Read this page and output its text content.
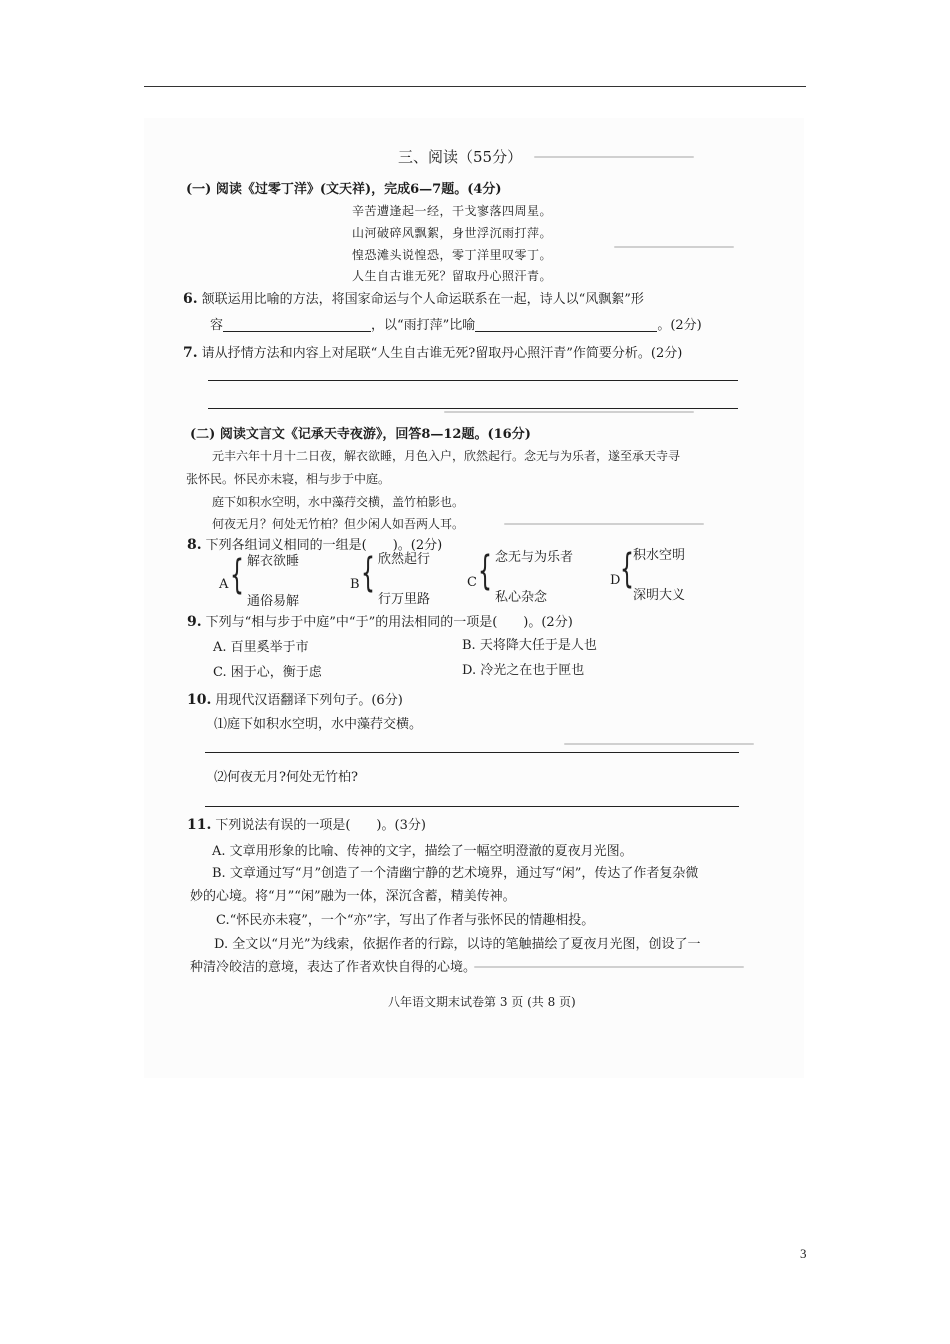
三、阅读（55分）
(一) 阅读《过零丁洋》(文天祥)，完成6—7题。(4分)
辛苦遭逢起一经，干戈寥落四周星。
山河破碎风飘絮，身世浮沉雨打萍。
惶恐滩头说惶恐，零丁洋里叹零丁。
人生自古谁无死？留取丹心照汗青。
6. 颔联运用比喻的方法，将国家命运与个人命运联系在一起，诗人以“风飘絮”形
容	，以“雨打萍”比喻	。(2分)
7. 请从抒情方法和内容上对尾联“人生自古谁无死?留取丹心照汗青”作简要分析。(2分)
(二) 阅读文言文《记承天寺夜游》，回答8—12题。(16分)
元丰六年十月十二日夜，解衣欲睡，月色入户，欣然起行。念无与为乐者，遂至承天寺寻
张怀民。怀民亦未寝，相与步于中庭。
庭下如积水空明，水中藻荇交横，盖竹柏影也。
何夜无月？何处无竹柏？但少闲人如吾两人耳。
8. 下列各组词义相同的一组是(　　)。(2分)
A { 解衣欲睡
通俗易解
B { 欣然起行
行万里路
C { 念无与为乐者
私心杂念
D { 积水空明
深明大义
9. 下列与“相与步于中庭”中“于”的用法相同的一项是(　　)。(2分)
A. 百里奚举于市	B. 天将降大任于是人也
C. 困于心，衡于虑	D. 冷光之在也于匣也
10. 用现代汉语翻译下列句子。(6分)
⑴庭下如积水空明，水中藻荇交横。
⑵何夜无月?何处无竹柏?
11. 下列说法有误的一项是(　　)。(3分)
A. 文章用形象的比喻、传神的文字，描绘了一幅空明澄澈的夏夜月光图。
B. 文章通过写“月”创造了一个清幽宁静的艺术境界，通过写“闲”，传达了作者复杂微
妙的心境。将“月”“闲”融为一体，深沉含蓄，精美传神。
C.“怀民亦未寝”，一个“亦”字，写出了作者与张怀民的情趣相投。
D. 全文以“月光”为线索，依据作者的行踪，以诗的笔触描绘了夏夜月光图，创设了一
种清冷皎洁的意境，表达了作者欢快自得的心境。
八年语文期末试卷第 3 页 (共 8 页)
3
